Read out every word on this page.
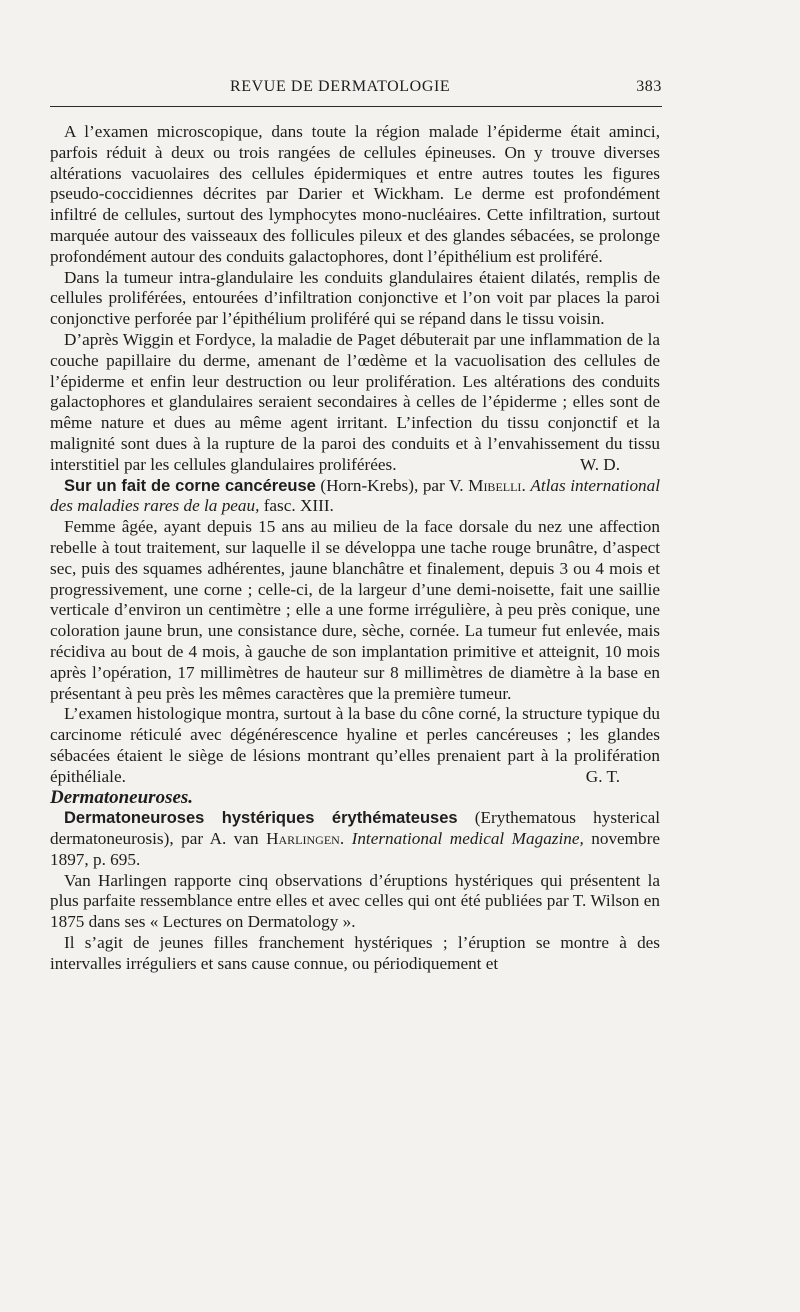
REVUE DE DERMATOLOGIE	383

A l’examen microscopique, dans toute la région malade l’épiderme était aminci, parfois réduit à deux ou trois rangées de cellules épineuses. On y trouve diverses altérations vacuolaires des cellules épidermiques et entre autres toutes les figures pseudo-coccidiennes décrites par Darier et Wickham. Le derme est profondément infiltré de cellules, surtout des lymphocytes mono-nucléaires. Cette infiltration, surtout marquée autour des vaisseaux des follicules pileux et des glandes sébacées, se prolonge profondément autour des conduits galactophores, dont l’épithélium est proliféré.

Dans la tumeur intra-glandulaire les conduits glandulaires étaient dilatés, remplis de cellules proliférées, entourées d’infiltration conjonctive et l’on voit par places la paroi conjonctive perforée par l’épithélium proliféré qui se répand dans le tissu voisin.

D’après Wiggin et Fordyce, la maladie de Paget débuterait par une inflammation de la couche papillaire du derme, amenant de l’œdème et la vacuolisation des cellules de l’épiderme et enfin leur destruction ou leur prolifération. Les altérations des conduits galactophores et glandulaires seraient secondaires à celles de l’épiderme ; elles sont de même nature et dues au même agent irritant. L’infection du tissu conjonctif et la malignité sont dues à la rupture de la paroi des conduits et à l’envahissement du tissu interstitiel par les cellules glandulaires proliférées.	W. D.

Sur un fait de corne cancéreuse (Horn-Krebs), par V. Mibelli. Atlas international des maladies rares de la peau, fasc. XIII.

Femme âgée, ayant depuis 15 ans au milieu de la face dorsale du nez une affection rebelle à tout traitement, sur laquelle il se développa une tache rouge brunâtre, d’aspect sec, puis des squames adhérentes, jaune blanchâtre et finalement, depuis 3 ou 4 mois et progressivement, une corne ; celle-ci, de la largeur d’une demi-noisette, fait une saillie verticale d’environ un centimètre ; elle a une forme irrégulière, à peu près conique, une coloration jaune brun, une consistance dure, sèche, cornée. La tumeur fut enlevée, mais récidiva au bout de 4 mois, à gauche de son implantation primitive et atteignit, 10 mois après l’opération, 17 millimètres de hauteur sur 8 millimètres de diamètre à la base en présentant à peu près les mêmes caractères que la première tumeur.

L’examen histologique montra, surtout à la base du cône corné, la structure typique du carcinome réticulé avec dégénérescence hyaline et perles cancéreuses ; les glandes sébacées étaient le siège de lésions montrant qu’elles prenaient part à la prolifération épithéliale.	G. T.

Dermatoneuroses.

Dermatoneuroses hystériques érythémateuses (Erythematous hysterical dermatoneurosis), par A. van Harlingen. International medical Magazine, novembre 1897, p. 695.

Van Harlingen rapporte cinq observations d’éruptions hystériques qui présentent la plus parfaite ressemblance entre elles et avec celles qui ont été publiées par T. Wilson en 1875 dans ses « Lectures on Dermatology ».

Il s’agit de jeunes filles franchement hystériques ; l’éruption se montre à des intervalles irréguliers et sans cause connue, ou périodiquement et
